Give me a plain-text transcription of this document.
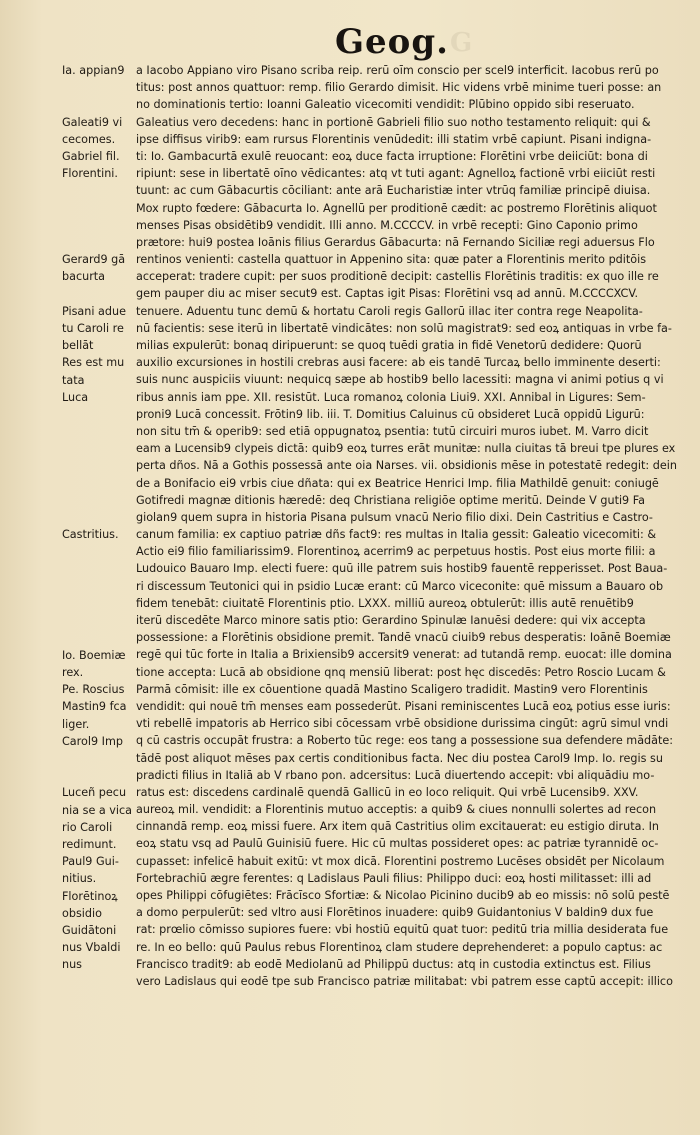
G
Geog.
Ia. appian9
Galeati9 vi
cecomes.
Gabriel fil.
Florentini.
Gerard9 gā
bacurta
Pisani adue
tu Caroli re
bellāt
Res est mu
tata
Luca
Castritius.
Io. Boemiæ
rex.
Pe. Roscius
Mastin9 fca
liger.
Carol9 Imp
Luceñ pecu
nia se a vica
rio Caroli
redimunt.
Paul9 Gui-
nitius.
Florētinoꝝ
obsidio
Guidātoni
nus Vbaldi
nus
a Iacobo Appiano viro Pisano scriba reip. rerū oīm conscio per scel9 interficit. Iacobus rerū po
titus: post annos quattuor: remp. filio Gerardo dimisit. Hic videns vrbē minime tueri posse: an
no dominationis tertio: Ioanni Galeatio vicecomiti vendidit: Plūbino oppido sibi reseruato.
Galeatius vero decedens: hanc in portionē Gabrieli filio suo notho testamento reliquit: qui &
ipse diffisus virib9: eam rursus Florentinis venūdedit: illi statim vrbē capiunt. Pisani indigna-
ti: Io. Gambacurtā exulē reuocant: eoꝝ duce facta irruptione: Florētini vrbe deiiciūt: bona di
ripiunt: sese in libertatē oīno vēdicantes: atq vt tuti agant: Agnelloꝝ factionē vrbi eiiciūt resti
tuunt: ac cum Gābacurtis cōciliant: ante arā Eucharistiæ inter vtrūq familiæ principē diuisa.
Mox rupto fœdere: Gābacurta Io. Agnellū per proditionē cædit: ac postremo Florētinis aliquot
menses Pisas obsidētib9 vendidit. Illi anno. M.CCCCV. in vrbē recepti: Gino Caponio primo
prætore: hui9 postea Ioānis filius Gerardus Gābacurta: nā Fernando Siciliæ regi aduersus Flo
rentinos venienti: castella quattuor in Appenino sita: quæ pater a Florentinis merito pditōis
acceperat: tradere cupit: per suos proditionē decipit: castellis Florētinis traditis: ex quo ille re
gem pauper diu ac miser secut9 est. Captas igit Pisas: Florētini vsq ad annū. M.CCCCXCV.
tenuere. Aduentu tunc demū & hortatu Caroli regis Gallorū illac iter contra rege Neapolita-
nū facientis: sese iterū in libertatē vindicātes: non solū magistrat9: sed eoꝝ antiquas in vrbe fa-
milias expulerūt: bonaq diripuerunt: se quoq tuēdi gratia in fidē Venetorū dedidere: Quorū
auxilio excursiones in hostili crebras ausi facere: ab eis tandē Turcaꝝ bello imminente deserti:
suis nunc auspiciis viuunt: nequicq sæpe ab hostib9 bello lacessiti: magna vi animi potius q vi
ribus annis iam ppe. XII. resistūt. Luca romanoꝝ colonia Liui9. XXI. Annibal in Ligures: Sem-
proni9 Lucā concessit. Frōtin9 lib. iii. T. Domitius Caluinus cū obsideret Lucā oppidū Ligurū:
non situ tm̄ & operib9: sed etiā oppugnatoꝝ psentia: tutū circuiri muros iubet. M. Varro dicit
eam a Lucensib9 clypeis dictā: quib9 eoꝝ turres erāt munitæ: nulla ciuitas tā breui tpe plures ex
perta dños. Nā a Gothis possessā ante oia Narses. vii. obsidionis mēse in potestatē redegit: dein
de a Bonifacio ei9 vrbis ciue dñata: qui ex Beatrice Henrici Imp. filia Mathildē genuit: coniugē
Gotifredi magnæ ditionis hæredē: deq Christiana religiōe optime meritū. Deinde V guti9 Fa
giolan9 quem supra in historia Pisana pulsum vnacū Nerio filio dixi. Dein Castritius e Castro-
canum familia: ex captiuo patriæ dñs fact9: res multas in Italia gessit: Galeatio vicecomiti: &
Actio ei9 filio familiarissim9. Florentinoꝝ acerrim9 ac perpetuus hostis. Post eius morte filii: a
Ludouico Bauaro Imp. electi fuere: quū ille patrem suis hostib9 fauentē repperisset. Post Baua-
ri discessum Teutonici qui in psidio Lucæ erant: cū Marco viceconite: quē missum a Bauaro ob
fidem tenebāt: ciuitatē Florentinis ptio. LXXX. milliū aureoꝝ obtulerūt: illis autē renuētib9
iterū discedēte Marco minore satis ptio: Gerardino Spinulæ Ianuēsi dedere: qui vix accepta
possessione: a Florētinis obsidione premit. Tandē vnacū ciuib9 rebus desperatis: Ioānē Boemiæ
regē qui tūc forte in Italia a Brixiensib9 accersit9 venerat: ad tutandā remp. euocat: ille domina
tione accepta: Lucā ab obsidione qnq mensiū liberat: post hęc discedēs: Petro Roscio Lucam &
Parmā cōmisit: ille ex cōuentione quadā Mastino Scaligero tradidit. Mastin9 vero Florentinis
vendidit: qui nouē tm̄ menses eam possederūt. Pisani reminiscentes Lucā eoꝝ potius esse iuris:
vti rebellē impatoris ab Herrico sibi cōcessam vrbē obsidione durissima cingūt: agrū simul vndi
q cū castris occupāt frustra: a Roberto tūc rege: eos tang a possessione sua defendere mādāte:
tādē post aliquot mēses pax certis conditionibus facta. Nec diu postea Carol9 Imp. Io. regis su
pradicti filius in Italiā ab V rbano pon. adcersitus: Lucā diuertendo accepit: vbi aliquādiu mo-
ratus est: discedens cardinalē quendā Gallicū in eo loco reliquit. Qui vrbē Lucensib9. XXV.
aureoꝝ mil. vendidit: a Florentinis mutuo acceptis: a quib9 & ciues nonnulli solertes ad recon
cinnandā remp. eoꝝ missi fuere. Arx item quā Castritius olim excitauerat: eu estigio diruta. In
eoꝝ statu vsq ad Paulū Guinisiū fuere. Hic cū multas possideret opes: ac patriæ tyrannidē oc-
cupasset: infelicē habuit exitū: vt mox dicā. Florentini postremo Lucēses obsidēt per Nicolaum
Fortebrachiū ægre ferentes: q Ladislaus Pauli filius: Philippo duci: eoꝝ hosti militasset: illi ad
opes Philippi cōfugiētes: Frācīsco Sfortiæ: & Nicolao Picinino ducib9 ab eo missis: nō solū pestē
a domo perpulerūt: sed vltro ausi Florētinos inuadere: quib9 Guidantonius V baldin9 dux fue
rat: prœlio cōmisso supiores fuere: vbi hostiū equitū quat tuor: peditū tria millia desiderata fue
re. In eo bello: quū Paulus rebus Florentinoꝝ clam studere deprehenderet: a populo captus: ac
Francisco tradit9: ab eodē Mediolanū ad Philippū ductus: atq in custodia extinctus est. Filius
vero Ladislaus qui eodē tpe sub Francisco patriæ militabat: vbi patrem esse captū accepit: illico
